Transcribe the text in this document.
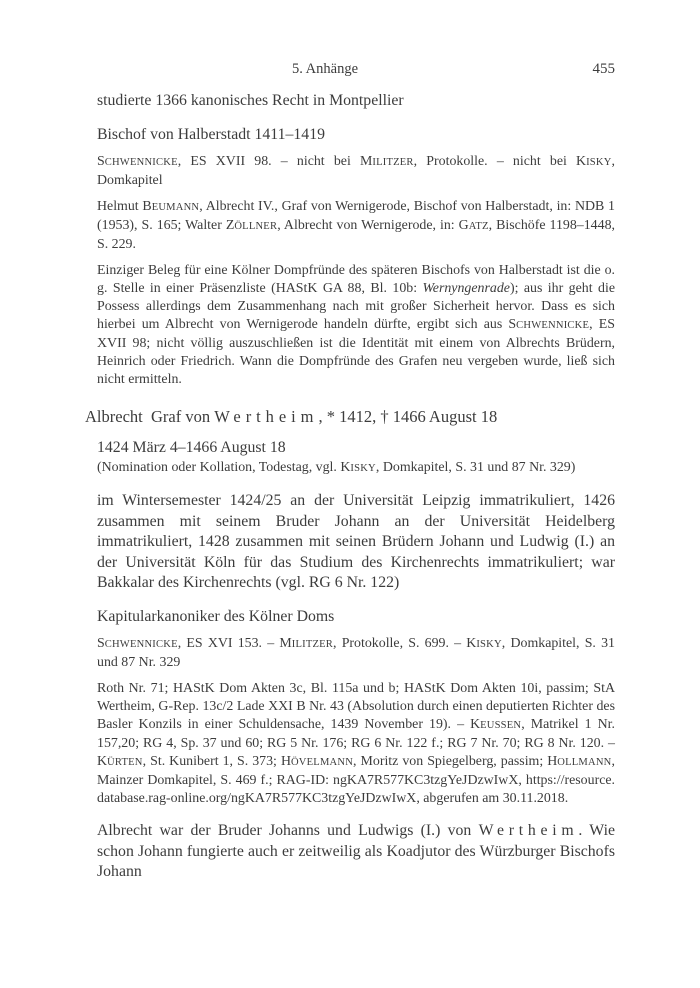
5. Anhänge	455

studierte 1366 kanonisches Recht in Montpellier

Bischof von Halberstadt 1411–1419

SCHWENNICKE, ES XVII 98. – nicht bei MILITZER, Protokolle. – nicht bei KISKY, Domkapitel

Helmut BEUMANN, Albrecht IV., Graf von Wernigerode, Bischof von Halberstadt, in: NDB 1 (1953), S. 165; Walter ZÖLLNER, Albrecht von Wernigerode, in: GATZ, Bischöfe 1198–1448, S. 229.

Einziger Beleg für eine Kölner Dompfründe des späteren Bischofs von Halberstadt ist die o. g. Stelle in einer Präsenzliste (HAStK GA 88, Bl. 10b: Wernyngenrade); aus ihr geht die Possess allerdings dem Zusammenhang nach mit großer Sicherheit hervor. Dass es sich hierbei um Albrecht von Wernigerode handeln dürfte, ergibt sich aus SCHWENNICKE, ES XVII 98; nicht völlig auszuschließen ist die Identität mit einem von Albrechts Brüdern, Heinrich oder Friedrich. Wann die Dompfründe des Grafen neu vergeben wurde, ließ sich nicht ermitteln.

Albrecht Graf von Wertheim, * 1412, † 1466 August 18

1424 März 4–1466 August 18

(Nomination oder Kollation, Todestag, vgl. KISKY, Domkapitel, S. 31 und 87 Nr. 329)

im Wintersemester 1424/25 an der Universität Leipzig immatrikuliert, 1426 zusammen mit seinem Bruder Johann an der Universität Heidelberg immatrikuliert, 1428 zusammen mit seinen Brüdern Johann und Ludwig (I.) an der Universität Köln für das Studium des Kirchenrechts immatrikuliert; war Bakkalar des Kirchenrechts (vgl. RG 6 Nr. 122)

Kapitularkanoniker des Kölner Doms

SCHWENNICKE, ES XVI 153. – MILITZER, Protokolle, S. 699. – KISKY, Domkapitel, S. 31 und 87 Nr. 329

Roth Nr. 71; HAStK Dom Akten 3c, Bl. 115a und b; HAStK Dom Akten 10i, passim; StA Wertheim, G-Rep. 13c/2 Lade XXI B Nr. 43 (Absolution durch einen deputierten Richter des Basler Konzils in einer Schuldensache, 1439 November 19). – KEUSSEN, Matrikel 1 Nr. 157,20; RG 4, Sp. 37 und 60; RG 5 Nr. 176; RG 6 Nr. 122 f.; RG 7 Nr. 70; RG 8 Nr. 120. – KÜRTEN, St. Kunibert 1, S. 373; HÖVELMANN, Moritz von Spiegelberg, passim; HOLLMANN, Mainzer Domkapitel, S. 469 f.; RAG-ID: ngKA7R577KC3tzgYeJDzwIwX, https://resource.database.rag-online.org/ngKA7R577KC3tzgYeJDzwIwX, abgerufen am 30.11.2018.

Albrecht war der Bruder Johanns und Ludwigs (I.) von Wertheim. Wie schon Johann fungierte auch er zeitweilig als Koadjutor des Würzburger Bischofs Johann
